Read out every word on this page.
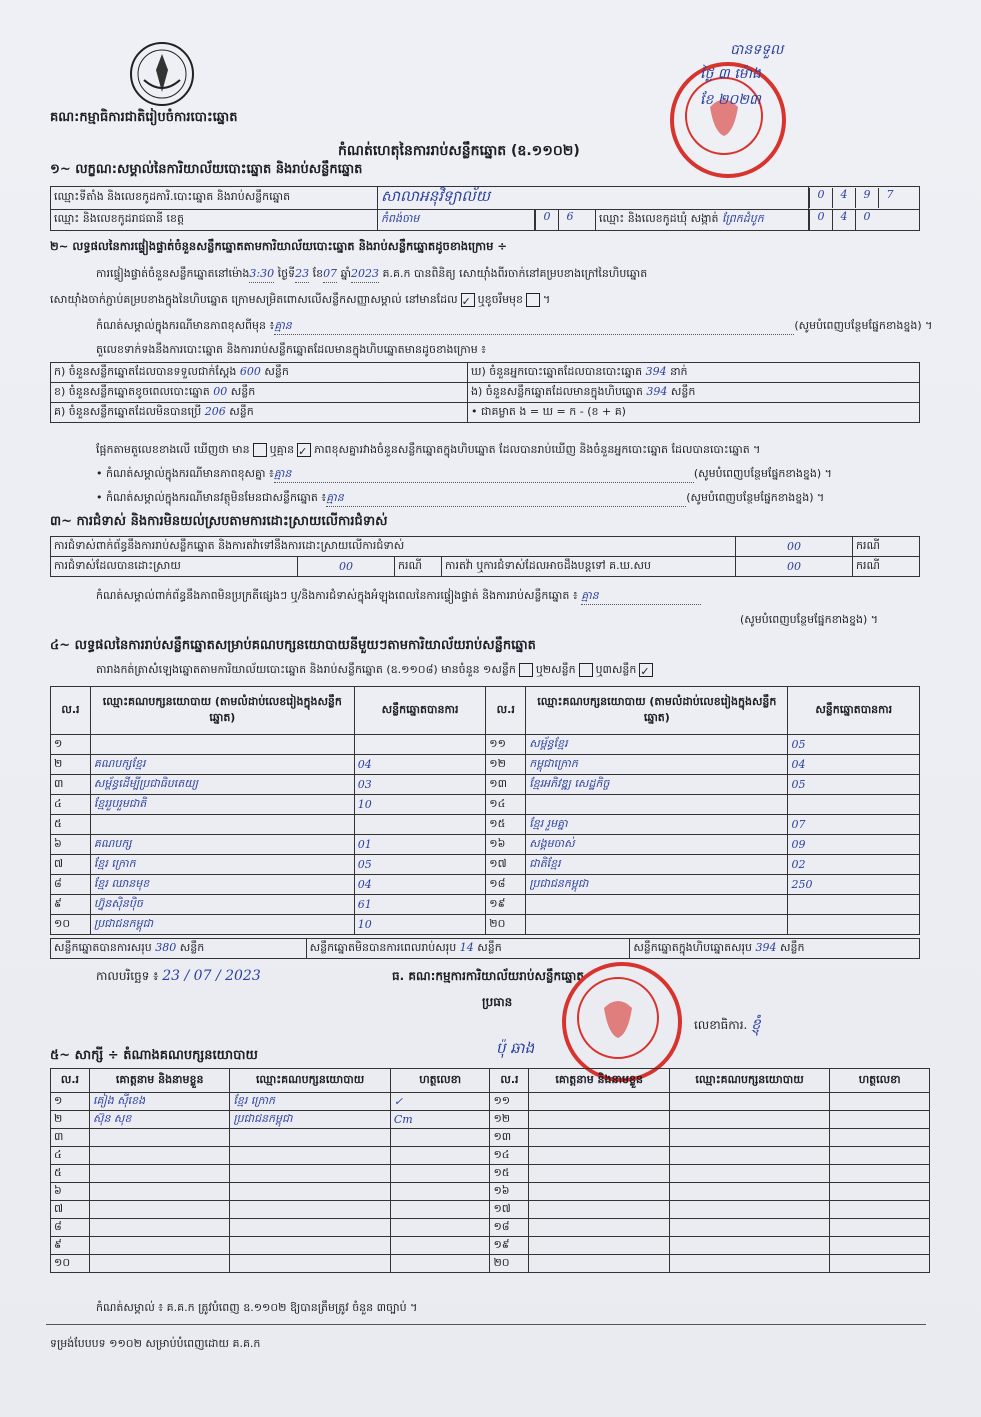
គណ:កម្មាធិការជាតិរៀបចំការបោះឆ្នោត
កំណត់ហេតុនៃការរាប់សន្លឹកឆ្នោត (ឧ.១១០២)
បានទទួល
ថ្ងៃ ៣ ម៉ោង
ខែ ២០២៣
១~ លក្ខណ:សម្គាល់នៃការិយាល័យបោះឆ្នោត និងរាប់សន្លឹកឆ្នោត
ឈ្មោះទីតាំង និងលេខកូដការិ.បោះឆ្នោត និងរាប់សន្លឹកឆ្នោត	សាលាអនុវិទ្យាល័យ			0 4 9 7
ឈ្មោះ និងលេខកូដរាជធានី ខេត្ត	កំពង់ចាម	0 6	ឈ្មោះ និងលេខកូដឃុំ សង្កាត់ ព្រែកដំបូក	0 4 0
២~ លទ្ធផលនៃការផ្ទៀងផ្ទាត់ចំនួនសន្លឹកឆ្នោតតាមការិយាល័យបោះឆ្នោត និងរាប់សន្លឹកឆ្នោតដូចខាងក្រោម ÷
ការផ្ទៀងផ្ទាត់ចំនួនសន្លឹកឆ្នោតនៅម៉ោង3:30 ថ្ងៃទី23 ខែ07 ឆ្នាំ2023 គ.គ.ក បានពិនិត្យ សោយ៉ាំងពីរចាក់នៅគម្របខាងក្រៅនៃហិបឆ្នោត
សោយ៉ាំងចាក់ភ្ជាប់គម្របខាងក្នុងនៃហិបឆ្នោត ក្រោមសម្រិតពោសលើសន្លឹកសញ្ញាសម្គាល់ នៅមានដែល ✓ ឬខូចរឹមមុខ ។
កំណត់សម្គាល់ក្នុងករណីមានភាពខុសពីមុន ៖គ្មាន	(សូមបំពេញបន្ថែមផ្នែកខាងខ្នង) ។
តួលេខទាក់ទងនឹងការបោះឆ្នោត និងការរាប់សន្លឹកឆ្នោតដែលមានក្នុងហិបឆ្នោតមានដូចខាងក្រោម ៖
ក) ចំនួនសន្លឹកឆ្នោតដែលបានទទួលជាក់ស្តែង 600 សន្លឹក	ឃ) ចំនួនអ្នកបោះឆ្នោតដែលបានបោះឆ្នោត 394 នាក់
ខ) ចំនួនសន្លឹកឆ្នោតខូចពេលបោះឆ្នោត 00 សន្លឹក	ង) ចំនួនសន្លឹកឆ្នោតដែលមានក្នុងហិបឆ្នោត 394 សន្លឹក
គ) ចំនួនសន្លឹកឆ្នោតដែលមិនបានប្រើ 206 សន្លឹក	• ជាគម្លាត ង = ឃ = ក - (ខ + គ)
ផ្អែកតាមតួលេខខាងលើ ឃើញថា មាន ឬគ្មាន ✓ ភាពខុសគ្នារវាងចំនួនសន្លឹកឆ្នោតក្នុងហិបឆ្នោត ដែលបានរាប់ឃើញ និងចំនួនអ្នកបោះឆ្នោត ដែលបានបោះឆ្នោត ។
• កំណត់សម្គាល់ក្នុងករណីមានភាពខុសគ្នា ៖គ្មាន	(សូមបំពេញបន្ថែមផ្នែកខាងខ្នង) ។
• កំណត់សម្គាល់ក្នុងករណីមានវត្ថុមិនមែនជាសន្លឹកឆ្នោត ៖គ្មាន	(សូមបំពេញបន្ថែមផ្នែកខាងខ្នង) ។
៣~ ការជំទាស់ និងការមិនយល់ស្របតាមការដោះស្រាយលើការជំទាស់
ការជំទាស់ពាក់ព័ន្ធនឹងការរាប់សន្លឹកឆ្នោត និងការតវ៉ាទៅនឹងការដោះស្រាយលើការជំទាស់				00	ករណី
ការជំទាស់ដែលបានដោះស្រាយ	00	ករណី	ការតវ៉ា ឬការជំទាស់ដែលអាចដឹងបន្តទៅ គ.ឃ.សប	00	ករណី
កំណត់សម្គាល់ពាក់ព័ន្ធនឹងភាពមិនប្រក្រតីផ្សេងៗ ឬ/និងការជំទាស់ក្នុងអំឡុងពេលនៃការផ្ទៀងផ្ទាត់ និងការរាប់សន្លឹកឆ្នោត ៖ គ្មាន
(សូមបំពេញបន្ថែមផ្នែកខាងខ្នង) ។
៤~ លទ្ធផលនៃការរាប់សន្លឹកឆ្នោតសម្រាប់គណបក្សនយោបាយនីមួយៗតាមការិយាល័យរាប់សន្លឹកឆ្នោត
តារាងកត់ត្រាសំឡេងឆ្នោតតាមការិយាល័យបោះឆ្នោត និងរាប់សន្លឹកឆ្នោត (ឧ.១១០៨) មានចំនួន ១សន្លឹក ឬ២សន្លឹក ឬ៣សន្លឹក ✓
ល.រ	ឈ្មោះគណបក្សនយោបាយ (តាមលំដាប់លេខរៀងក្នុងសន្លឹកឆ្នោត)	សន្លឹកឆ្នោតបានការ	ល.រ	ឈ្មោះគណបក្សនយោបាយ (តាមលំដាប់លេខរៀងក្នុងសន្លឹកឆ្នោត)	សន្លឹកឆ្នោតបានការ
១			១១	សម្ព័ន្ធខ្មែរ	05
២	គណបក្សខ្មែរ	04	១២	កម្ពុជាក្រោក	04
៣	សម្ព័ន្ធដើម្បីប្រជាធិបតេយ្យ	03	១៣	ខ្មែរអភិវឌ្ឍ សេដ្ឋកិច្ច	05
៤	ខ្មែររួបរួមជាតិ	10	១៤		
៥			១៥	ខ្មែរ រួមគ្នា	07
៦	គណបក្ស	01	១៦	សង្គមចាស់	09
៧	ខ្មែរ ក្រោក	05	១៧	ជាតិខ្មែរ	02
៨	ខ្មែរ ឈានមុខ	04	១៨	ប្រជាជនកម្ពុជា	250
៩	ហ្វ៊ុនស៊ិនប៉ិច	61	១៩		
១០	ប្រជាជនកម្ពុជា	10	២០		
សន្លឹកឆ្នោតបានការសរុប 380 សន្លឹក	សន្លឹកឆ្នោតមិនបានការពេលរាប់សរុប 14 សន្លឹក	សន្លឹកឆ្នោតក្នុងហិបឆ្នោតសរុប 394 សន្លឹក
កាលបរិច្ឆេទ ៖ 23 / 07 / 2023	ធ. គណ:កម្មការការិយាល័យរាប់សន្លឹកឆ្នោត
ប្រធាន
ប៉ុ ឆាង
លេខាធិការ. ខ្ញុំ
៥~ សាក្សី ÷ តំណាងគណបក្សនយោបាយ
ល.រ	គោត្តនាម និងនាមខ្លួន	ឈ្មោះគណបក្សនយោបាយ	ហត្ថលេខា	ល.រ	គោត្តនាម និងនាមខ្លួន	ឈ្មោះគណបក្សនយោបាយ	ហត្ថលេខា
១	គៀង ស៊ីខេង	ខ្មែរ ក្រោក	✓	១១			
២	ស៊ុន សុខ	ប្រជាជនកម្ពុជា	Cm	១២			
៣				១៣			
៤				១៤			
៥				១៥			
៦				១៦			
៧				១៧			
៨				១៨			
៩				១៩			
១០				២០			
កំណត់សម្គាល់ ៖ គ.គ.ក ត្រូវបំពេញ ឧ.១១០២ ឱ្យបានត្រឹមត្រូវ ចំនួន ៣ច្បាប់ ។
ទម្រង់បែបបទ ១១០២ សម្រាប់បំពេញដោយ គ.គ.ក
